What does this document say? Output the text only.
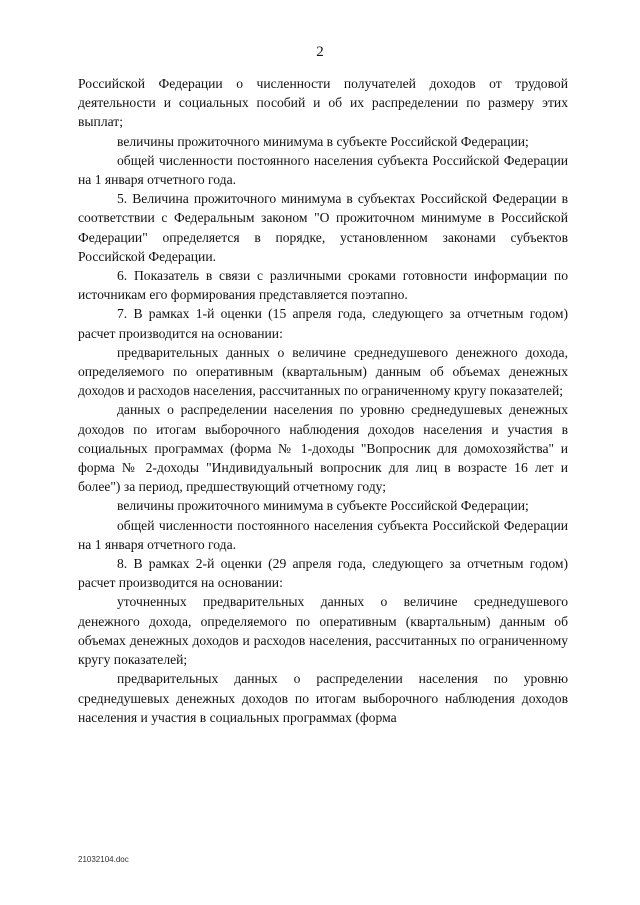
2

Российской Федерации о численности получателей доходов от трудовой деятельности и социальных пособий и об их распределении по размеру этих выплат;

величины прожиточного минимума в субъекте Российской Федерации;

общей численности постоянного населения субъекта Российской Федерации на 1 января отчетного года.

5. Величина прожиточного минимума в субъектах Российской Федерации в соответствии с Федеральным законом "О прожиточном минимуме в Российской Федерации" определяется в порядке, установленном законами субъектов Российской Федерации.

6. Показатель в связи с различными сроками готовности информации по источникам его формирования представляется поэтапно.

7. В рамках 1-й оценки (15 апреля года, следующего за отчетным годом) расчет производится на основании:

предварительных данных о величине среднедушевого денежного дохода, определяемого по оперативным (квартальным) данным об объемах денежных доходов и расходов населения, рассчитанных по ограниченному кругу показателей;

данных о распределении населения по уровню среднедушевых денежных доходов по итогам выборочного наблюдения доходов населения и участия в социальных программах (форма № 1-доходы "Вопросник для домохозяйства" и форма № 2-доходы "Индивидуальный вопросник для лиц в возрасте 16 лет и более") за период, предшествующий отчетному году;

величины прожиточного минимума в субъекте Российской Федерации;

общей численности постоянного населения субъекта Российской Федерации на 1 января отчетного года.

8. В рамках 2-й оценки (29 апреля года, следующего за отчетным годом) расчет производится на основании:

уточненных предварительных данных о величине среднедушевого денежного дохода, определяемого по оперативным (квартальным) данным об объемах денежных доходов и расходов населения, рассчитанных по ограниченному кругу показателей;

предварительных данных о распределении населения по уровню среднедушевых денежных доходов по итогам выборочного наблюдения доходов населения и участия в социальных программах (форма

21032104.doc
